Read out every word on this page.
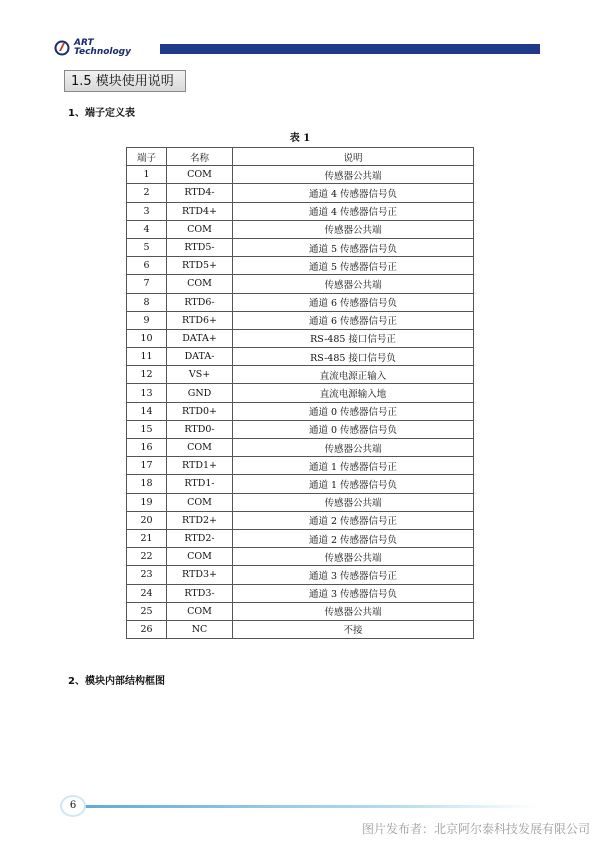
ART
Technology
1.5 模块使用说明
1、端子定义表
表 1
端子	名称	说明
1	COM	传感器公共端
2	RTD4-	通道 4 传感器信号负
3	RTD4+	通道 4 传感器信号正
4	COM	传感器公共端
5	RTD5-	通道 5 传感器信号负
6	RTD5+	通道 5 传感器信号正
7	COM	传感器公共端
8	RTD6-	通道 6 传感器信号负
9	RTD6+	通道 6 传感器信号正
10	DATA+	RS-485 接口信号正
11	DATA-	RS-485 接口信号负
12	VS+	直流电源正输入
13	GND	直流电源输入地
14	RTD0+	通道 0 传感器信号正
15	RTD0-	通道 0 传感器信号负
16	COM	传感器公共端
17	RTD1+	通道 1 传感器信号正
18	RTD1-	通道 1 传感器信号负
19	COM	传感器公共端
20	RTD2+	通道 2 传感器信号正
21	RTD2-	通道 2 传感器信号负
22	COM	传感器公共端
23	RTD3+	通道 3 传感器信号正
24	RTD3-	通道 3 传感器信号负
25	COM	传感器公共端
26	NC	不接
2、模块内部结构框图
6
图片发布者：北京阿尔泰科技发展有限公司
